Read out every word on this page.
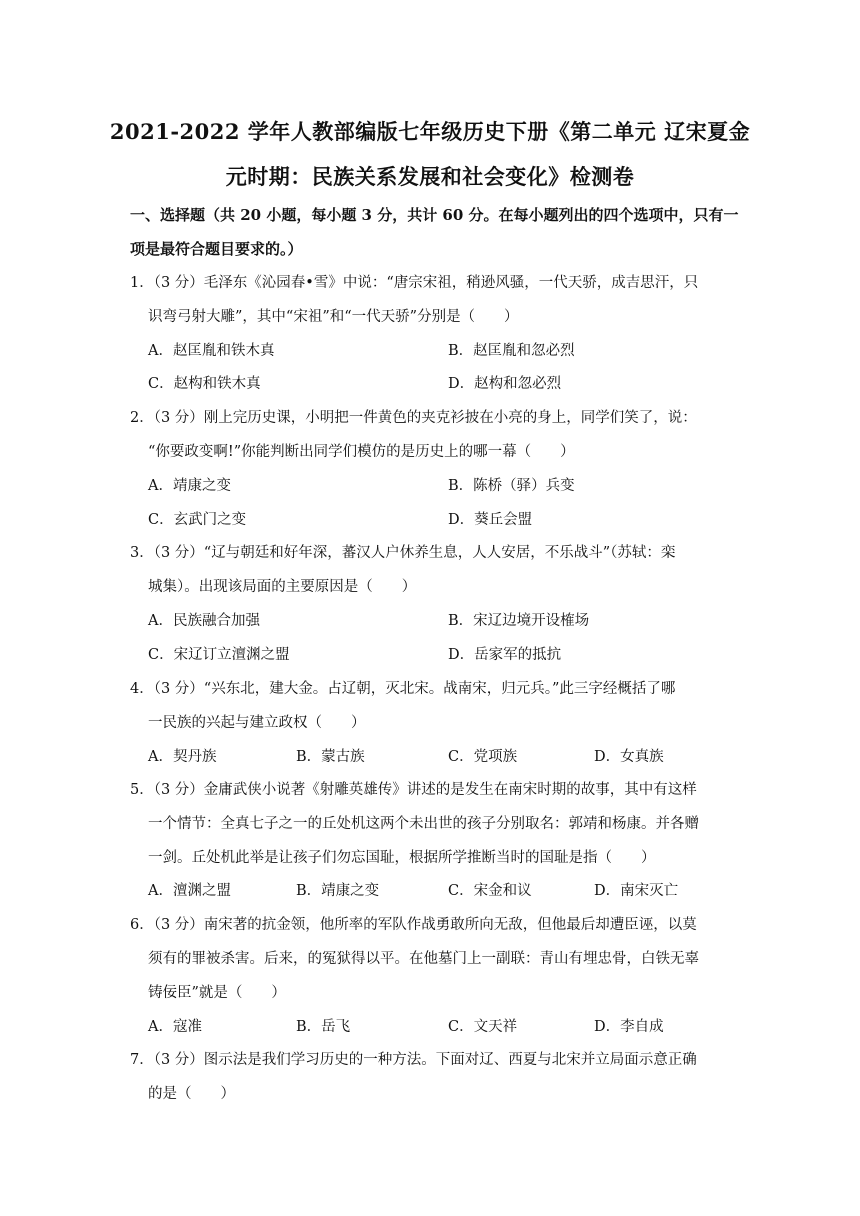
2021-2022 学年人教部编版七年级历史下册《第二单元 辽宋夏金
元时期：民族关系发展和社会变化》检测卷
一、选择题（共 20 小题，每小题 3 分，共计 60 分。在每小题列出的四个选项中，只有一
项是最符合题目要求的。）
1．（3 分）毛泽东《沁园春•雪》中说：“唐宗宋祖，稍逊风骚，一代天骄，成吉思汗，只
识弯弓射大雕”，其中“宋祖”和“一代天骄”分别是（　　）
A．赵匡胤和铁木真	B．赵匡胤和忽必烈
C．赵构和铁木真	D．赵构和忽必烈
2．（3 分）刚上完历史课，小明把一件黄色的夹克衫披在小亮的身上，同学们笑了，说：
“你要政变啊!”你能判断出同学们模仿的是历史上的哪一幕（　　）
A．靖康之变	B．陈桥（驿）兵变
C．玄武门之变	D．葵丘会盟
3．（3 分）“辽与朝廷和好年深，蕃汉人户休养生息，人人安居，不乐战斗”（苏轼：栾
城集）。出现该局面的主要原因是（　　）
A．民族融合加强	B．宋辽边境开设榷场
C．宋辽订立澶渊之盟	D．岳家军的抵抗
4．（3 分）“兴东北，建大金。占辽朝，灭北宋。战南宋，归元兵。”此三字经概括了哪
一民族的兴起与建立政权（　　）
A．契丹族	B．蒙古族	C．党项族	D．女真族
5．（3 分）金庸武侠小说著《射雕英雄传》讲述的是发生在南宋时期的故事，其中有这样
一个情节：全真七子之一的丘处机这两个未出世的孩子分别取名：郭靖和杨康。并各赠
一剑。丘处机此举是让孩子们勿忘国耻，根据所学推断当时的国耻是指（　　）
A．澶渊之盟	B．靖康之变	C．宋金和议	D．南宋灭亡
6．（3 分）南宋著的抗金领，他所率的军队作战勇敢所向无敌，但他最后却遭臣诬，以莫
须有的罪被杀害。后来，的冤狱得以平。在他墓门上一副联：青山有埋忠骨，白铁无辜
铸佞臣”就是（　　）
A．寇准	B．岳飞	C．文天祥	D．李自成
7．（3 分）图示法是我们学习历史的一种方法。下面对辽、西夏与北宋并立局面示意正确
的是（　　）
